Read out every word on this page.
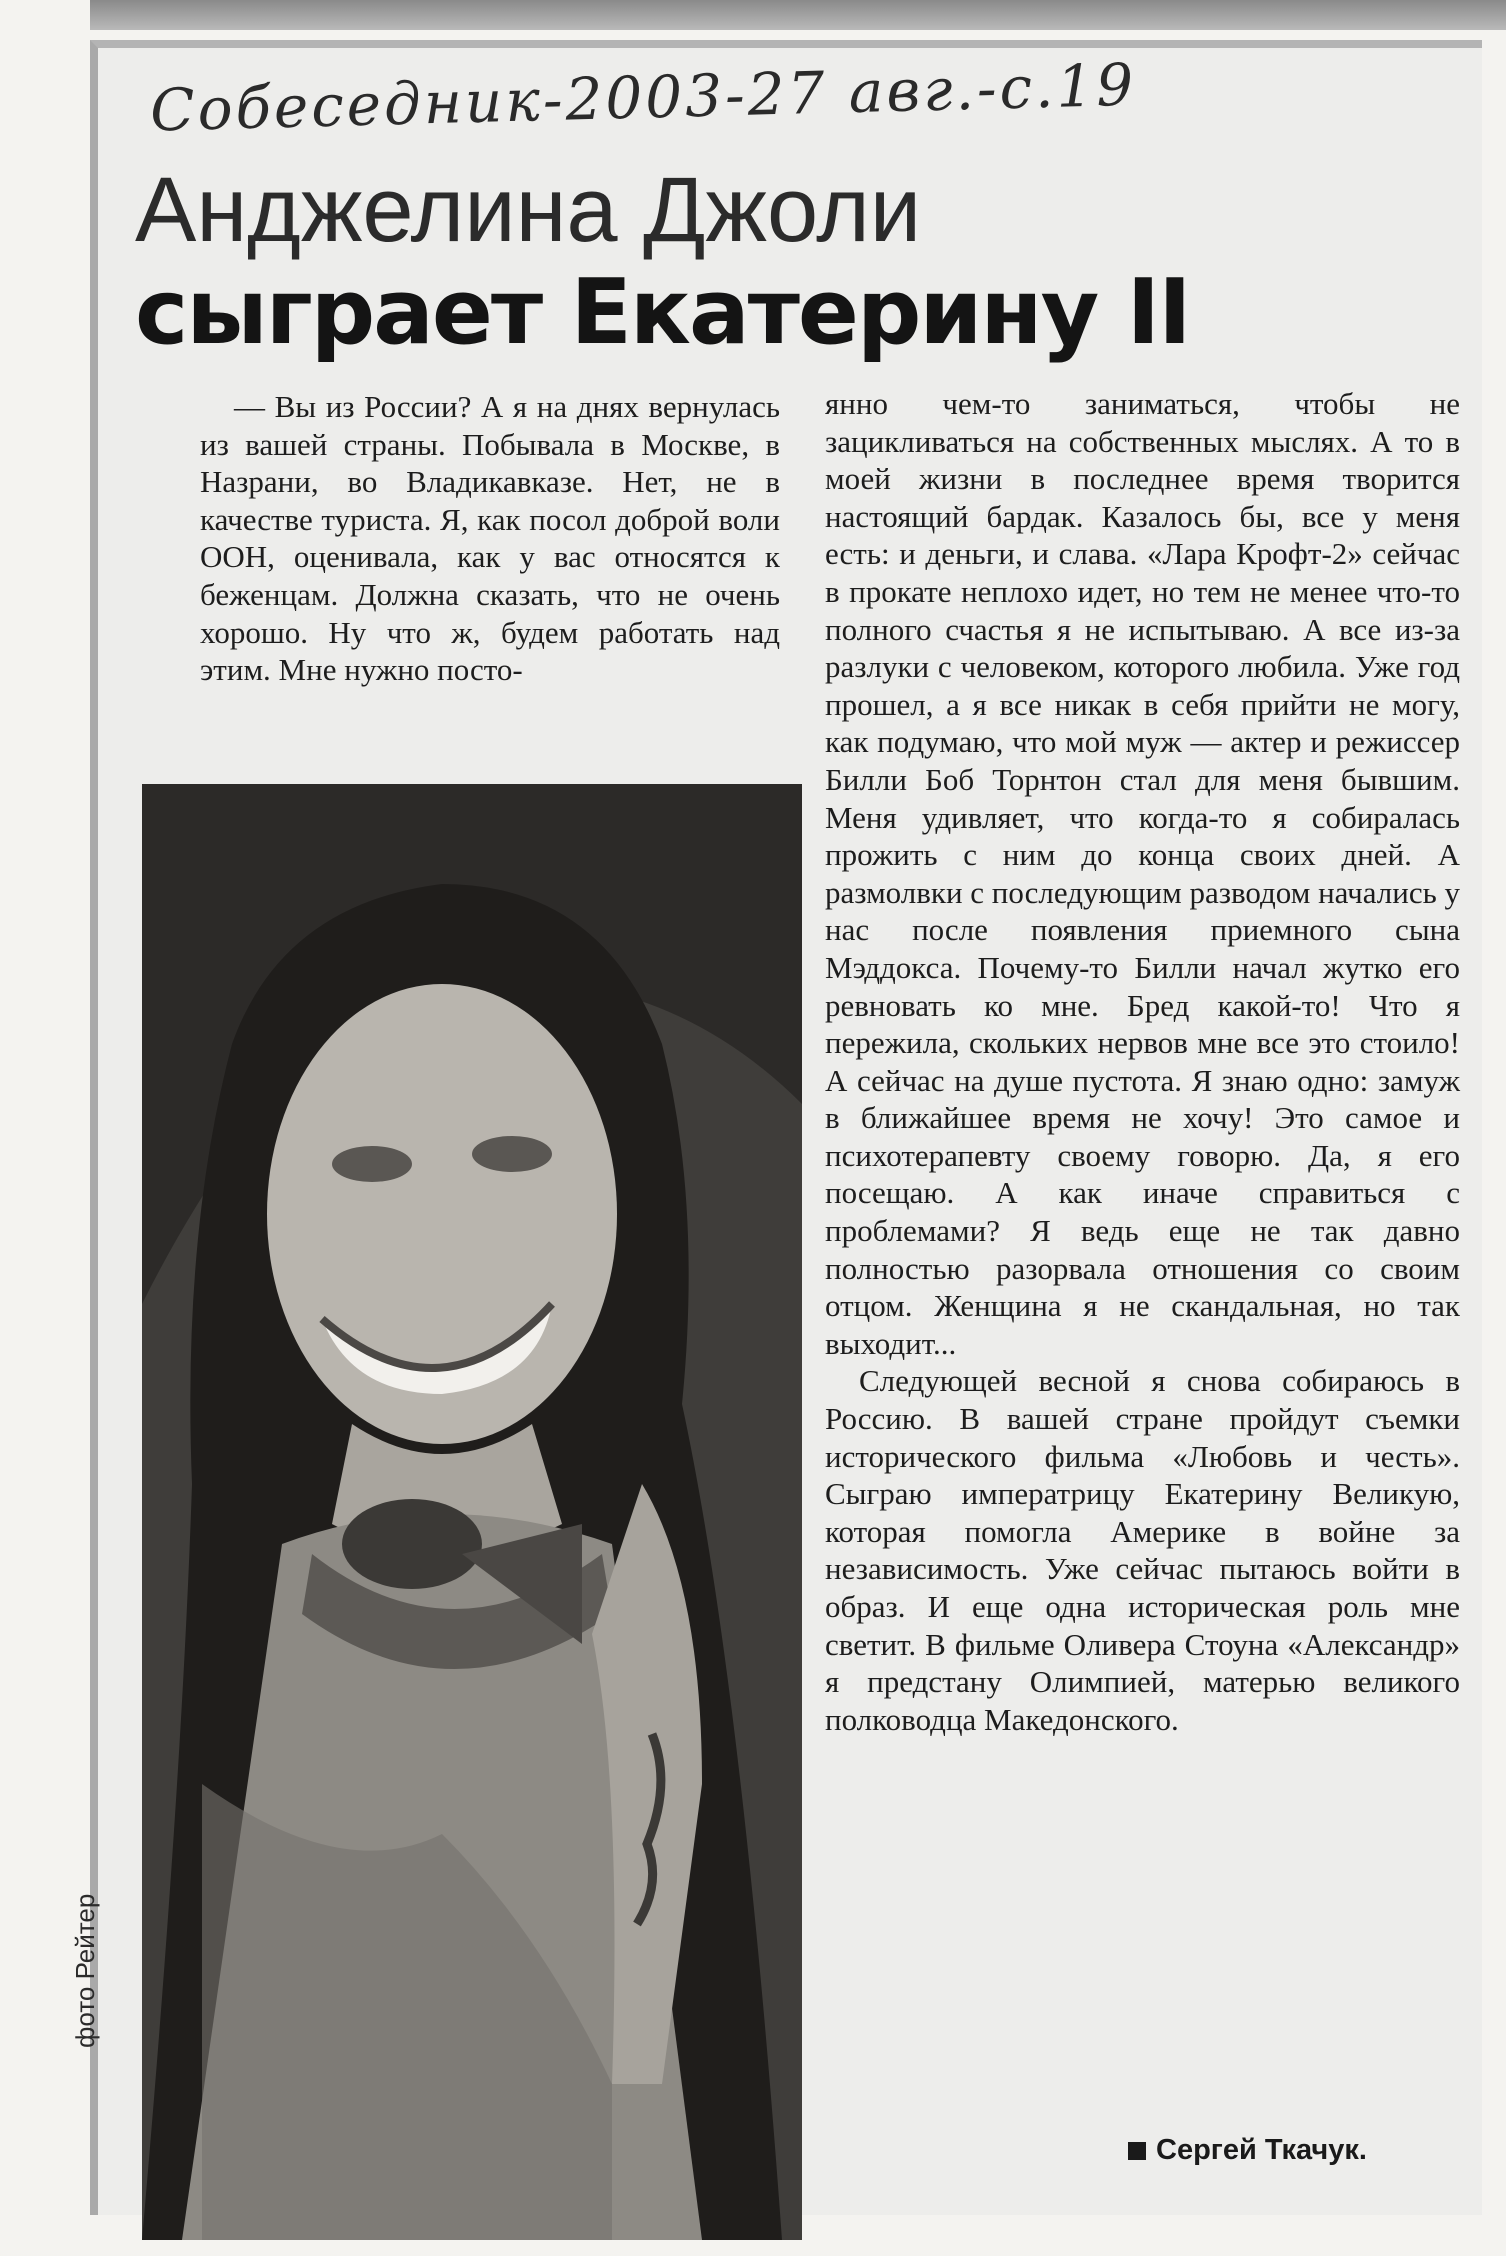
Собеседник-2003-27 авг.-с.19
Анджелина Джоли
сыграет Екатерину II

— Вы из России? А я на днях вернулась из вашей страны. Побывала в Москве, в Назрани, во Владикавказе. Нет, не в качестве туриста. Я, как посол доброй воли ООН, оценивала, как у вас относятся к беженцам. Должна сказать, что не очень хорошо. Ну что ж, будем работать над этим. Мне нужно посто-

янно чем-то заниматься, чтобы не зацикливаться на собственных мыслях. А то в моей жизни в последнее время творится настоящий бардак. Казалось бы, все у меня есть: и деньги, и слава. «Лара Крофт-2» сейчас в прокате неплохо идет, но тем не менее что-то полного счастья я не испытываю. А все из-за разлуки с человеком, которого любила. Уже год прошел, а я все никак в себя прийти не могу, как подумаю, что мой муж — актер и режиссер Билли Боб Торнтон стал для меня бывшим. Меня удивляет, что когда-то я собиралась прожить с ним до конца своих дней. А размолвки с последующим разводом начались у нас после появления приемного сына Мэддокса. Почему-то Билли начал жутко его ревновать ко мне. Бред какой-то! Что я пережила, скольких нервов мне все это стоило! А сейчас на душе пустота. Я знаю одно: замуж в ближайшее время не хочу! Это самое и психотерапевту своему говорю. Да, я его посещаю. А как иначе справиться с проблемами? Я ведь еще не так давно полностью разорвала отношения со своим отцом. Женщина я не скандальная, но так выходит...

Следующей весной я снова собираюсь в Россию. В вашей стране пройдут съемки исторического фильма «Любовь и честь». Сыграю императрицу Екатерину Великую, которая помогла Америке в войне за независимость. Уже сейчас пытаюсь войти в образ. И еще одна историческая роль мне светит. В фильме Оливера Стоуна «Александр» я предстану Олимпией, матерью великого полководца Македонского.

фото Рейтер
Сергей Ткачук.
